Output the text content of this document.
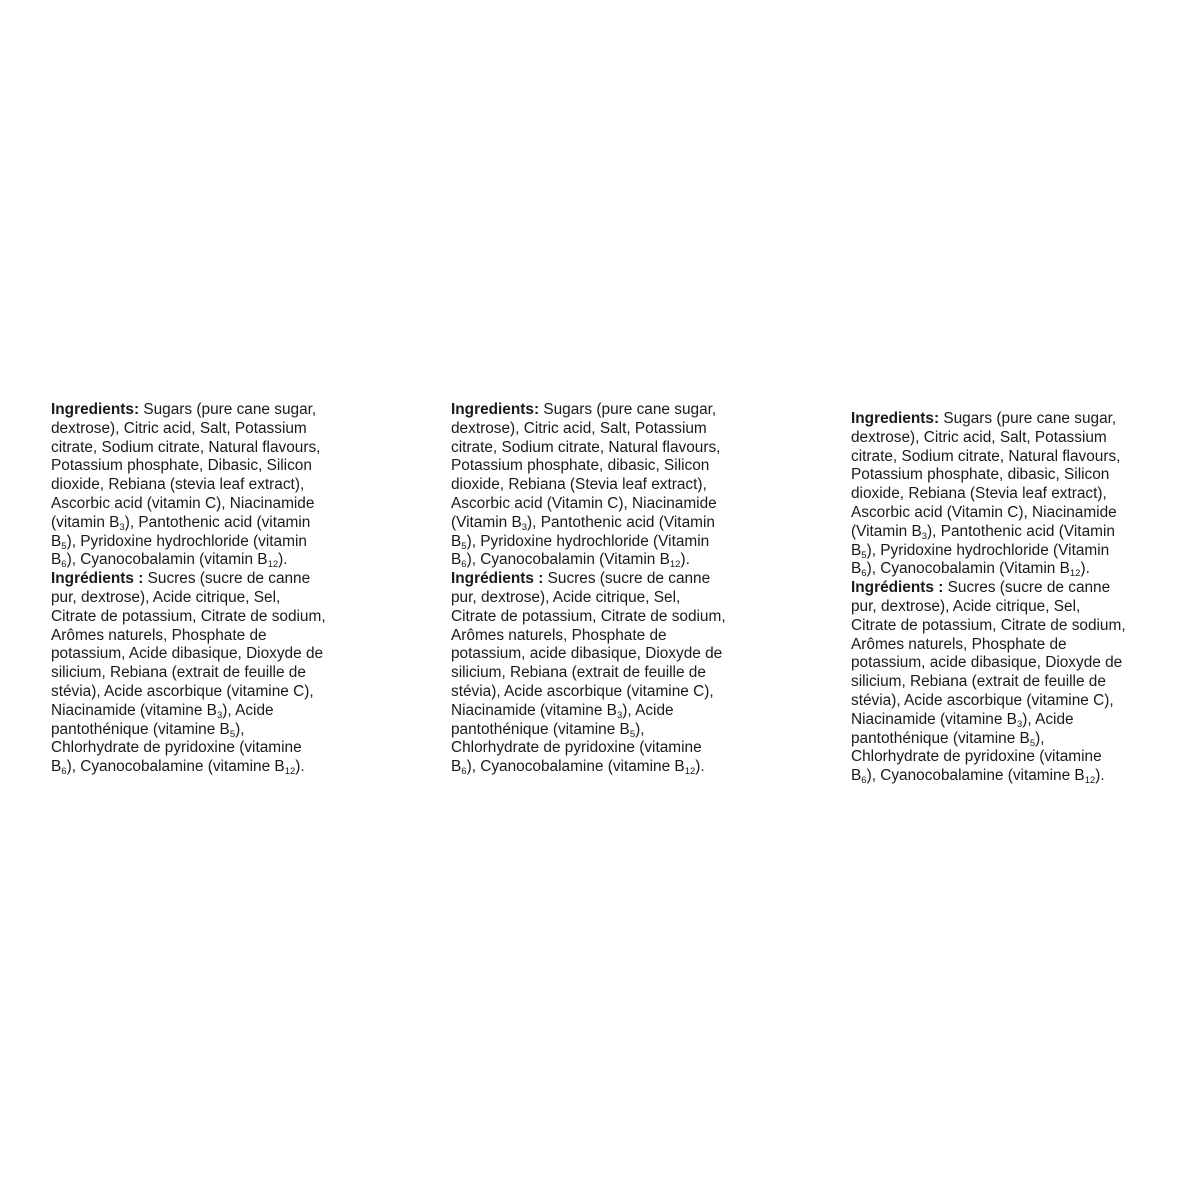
Ingredients: Sugars (pure cane sugar,
dextrose), Citric acid, Salt, Potassium
citrate, Sodium citrate, Natural flavours,
Potassium phosphate, Dibasic, Silicon
dioxide, Rebiana (stevia leaf extract),
Ascorbic acid (vitamin C), Niacinamide
(vitamin $B_3$), Pantothenic acid (vitamin
$B_5$), Pyridoxine hydrochloride (vitamin
$B_6$), Cyanocobalamin (vitamin $B_{12}$).
Ingrédients : Sucres (sucre de canne
pur, dextrose), Acide citrique, Sel,
Citrate de potassium, Citrate de sodium,
Arômes naturels, Phosphate de
potassium, Acide dibasique, Dioxyde de
silicium, Rebiana (extrait de feuille de
stévia), Acide ascorbique (vitamine C),
Niacinamide (vitamine $B_3$), Acide
pantothénique (vitamine $B_5$),
Chlorhydrate de pyridoxine (vitamine
$B_6$), Cyanocobalamine (vitamine $B_{12}$).
Ingredients: Sugars (pure cane sugar,
dextrose), Citric acid, Salt, Potassium
citrate, Sodium citrate, Natural flavours,
Potassium phosphate, dibasic, Silicon
dioxide, Rebiana (Stevia leaf extract),
Ascorbic acid (Vitamin C), Niacinamide
(Vitamin $B_3$), Pantothenic acid (Vitamin
$B_5$), Pyridoxine hydrochloride (Vitamin
$B_6$), Cyanocobalamin (Vitamin $B_{12}$).
Ingrédients : Sucres (sucre de canne
pur, dextrose), Acide citrique, Sel,
Citrate de potassium, Citrate de sodium,
Arômes naturels, Phosphate de
potassium, acide dibasique, Dioxyde de
silicium, Rebiana (extrait de feuille de
stévia), Acide ascorbique (vitamine C),
Niacinamide (vitamine $B_3$), Acide
pantothénique (vitamine $B_5$),
Chlorhydrate de pyridoxine (vitamine
$B_6$), Cyanocobalamine (vitamine $B_{12}$).
Ingredients: Sugars (pure cane sugar,
dextrose), Citric acid, Salt, Potassium
citrate, Sodium citrate, Natural flavours,
Potassium phosphate, dibasic, Silicon
dioxide, Rebiana (Stevia leaf extract),
Ascorbic acid (Vitamin C), Niacinamide
(Vitamin $B_3$), Pantothenic acid (Vitamin
$B_5$), Pyridoxine hydrochloride (Vitamin
$B_6$), Cyanocobalamin (Vitamin $B_{12}$).
Ingrédients : Sucres (sucre de canne
pur, dextrose), Acide citrique, Sel,
Citrate de potassium, Citrate de sodium,
Arômes naturels, Phosphate de
potassium, acide dibasique, Dioxyde de
silicium, Rebiana (extrait de feuille de
stévia), Acide ascorbique (vitamine C),
Niacinamide (vitamine $B_3$), Acide
pantothénique (vitamine $B_5$),
Chlorhydrate de pyridoxine (vitamine
$B_6$), Cyanocobalamine (vitamine $B_{12}$).
